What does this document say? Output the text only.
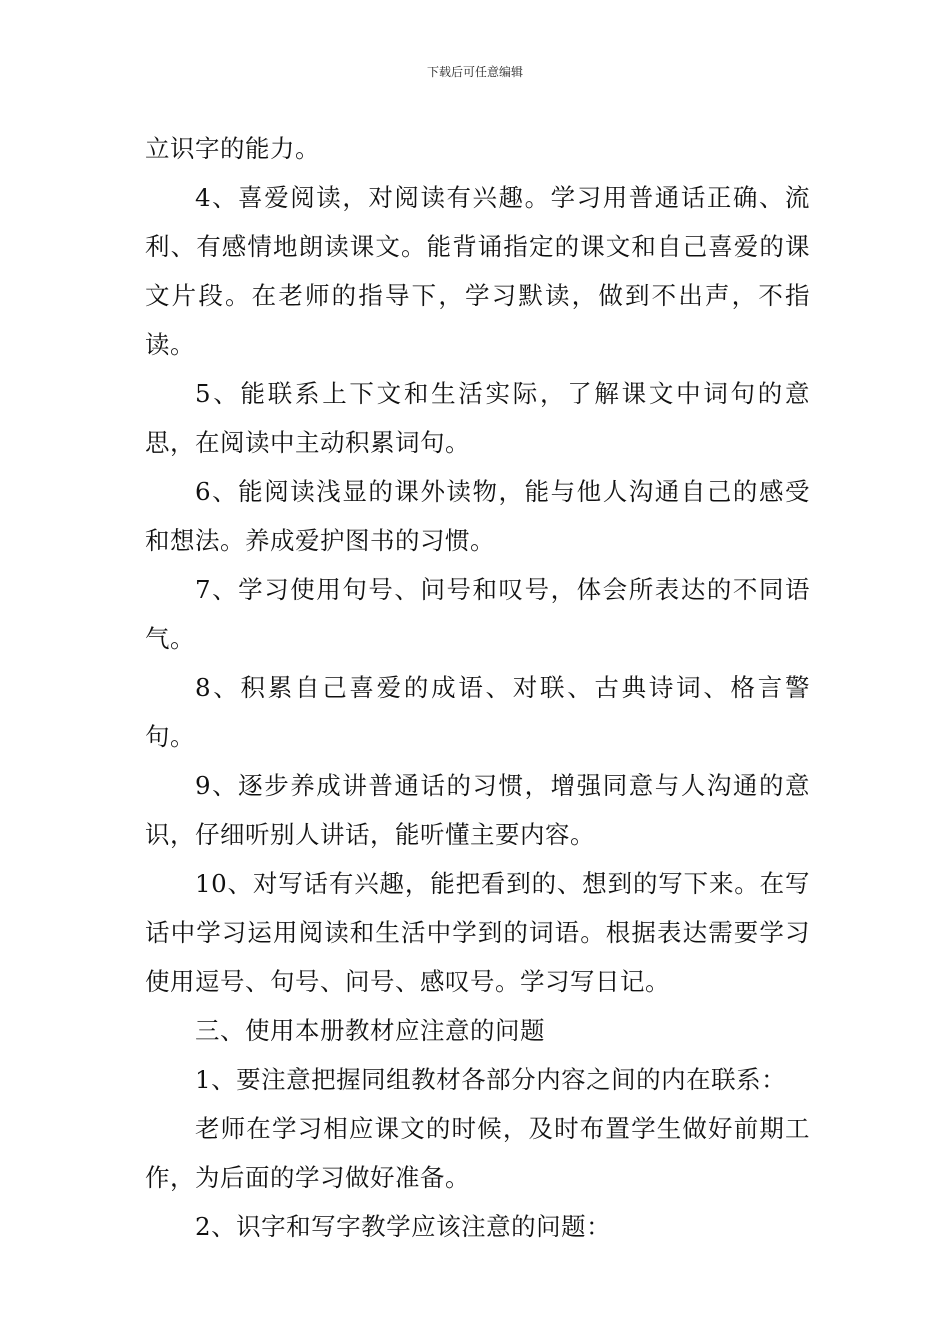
下载后可任意编辑

立识字的能力。

4、喜爱阅读，对阅读有兴趣。学习用普通话正确、流利、有感情地朗读课文。能背诵指定的课文和自己喜爱的课文片段。在老师的指导下，学习默读，做到不出声，不指读。

5、能联系上下文和生活实际，了解课文中词句的意思，在阅读中主动积累词句。

6、能阅读浅显的课外读物，能与他人沟通自己的感受和想法。养成爱护图书的习惯。

7、学习使用句号、问号和叹号，体会所表达的不同语气。

8、积累自己喜爱的成语、对联、古典诗词、格言警句。

9、逐步养成讲普通话的习惯，增强同意与人沟通的意识，仔细听别人讲话，能听懂主要内容。

10、对写话有兴趣，能把看到的、想到的写下来。在写话中学习运用阅读和生活中学到的词语。根据表达需要学习使用逗号、句号、问号、感叹号。学习写日记。

三、使用本册教材应注意的问题

1、要注意把握同组教材各部分内容之间的内在联系：

老师在学习相应课文的时候，及时布置学生做好前期工作，为后面的学习做好准备。

2、识字和写字教学应该注意的问题：
